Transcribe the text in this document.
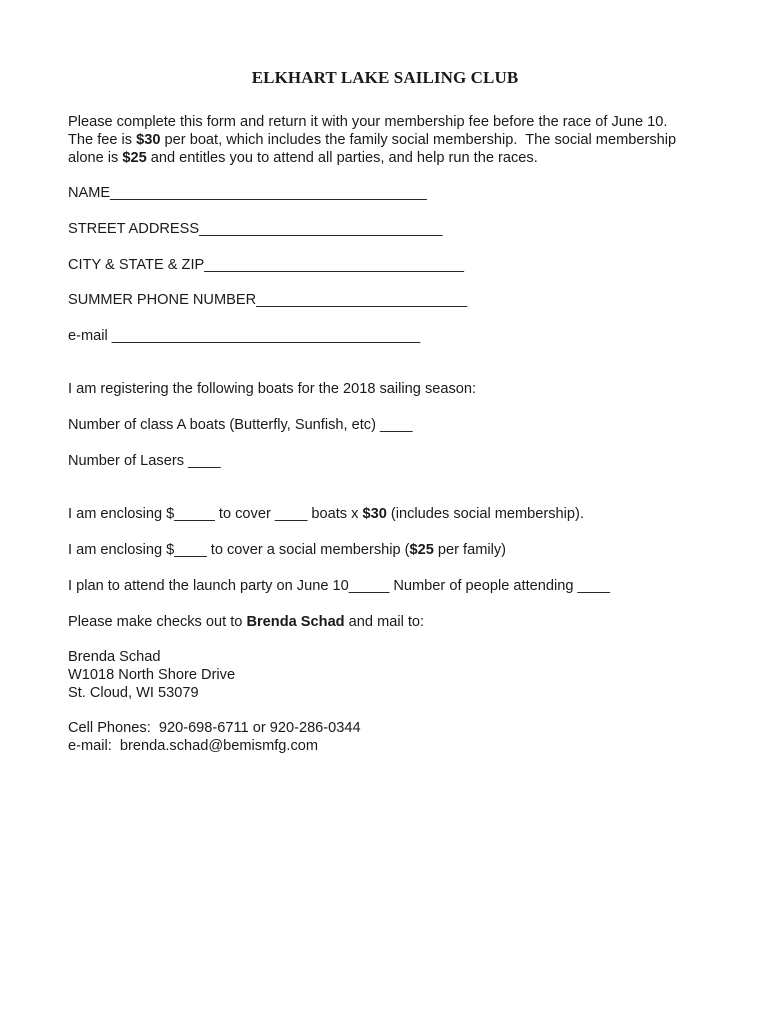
ELKHART LAKE SAILING CLUB
Please complete this form and return it with your membership fee before the race of June 10.
The fee is $30 per boat, which includes the family social membership.  The social membership
alone is $25 and entitles you to attend all parties, and help run the races.
NAME_______________________________________
STREET ADDRESS______________________________
CITY & STATE & ZIP________________________________
SUMMER PHONE NUMBER__________________________
e-mail ______________________________________
I am registering the following boats for the 2018 sailing season:
Number of class A boats (Butterfly, Sunfish, etc) ____
Number of Lasers ____
I am enclosing $_____ to cover ____ boats x $30 (includes social membership).
I am enclosing $____ to cover a social membership ($25 per family)
I plan to attend the launch party on June 10_____ Number of people attending ____
Please make checks out to Brenda Schad and mail to:
Brenda Schad
W1018 North Shore Drive
St. Cloud, WI 53079
Cell Phones:  920-698-6711 or 920-286-0344
e-mail:  brenda.schad@bemismfg.com
